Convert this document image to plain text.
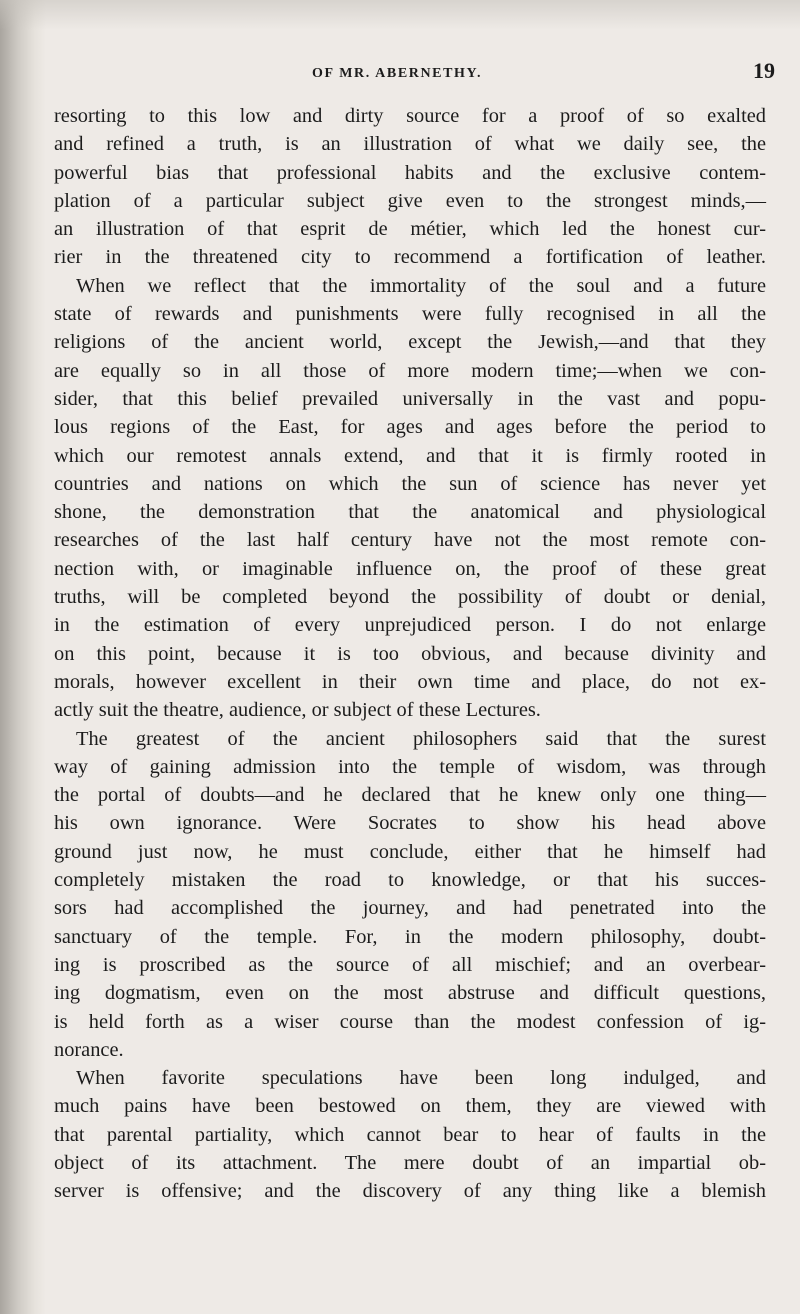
OF MR. ABERNETHY.	19
resorting to this low and dirty source for a proof of so exalted
and refined a truth, is an illustration of what we daily see, the
powerful bias that professional habits and the exclusive contem-
plation of a particular subject give even to the strongest minds,—
an illustration of that esprit de métier, which led the honest cur-
rier in the threatened city to recommend a fortification of leather.
When we reflect that the immortality of the soul and a future
state of rewards and punishments were fully recognised in all the
religions of the ancient world, except the Jewish,—and that they
are equally so in all those of more modern time;—when we con-
sider, that this belief prevailed universally in the vast and popu-
lous regions of the East, for ages and ages before the period to
which our remotest annals extend, and that it is firmly rooted in
countries and nations on which the sun of science has never yet
shone, the demonstration that the anatomical and physiological
researches of the last half century have not the most remote con-
nection with, or imaginable influence on, the proof of these great
truths, will be completed beyond the possibility of doubt or denial,
in the estimation of every unprejudiced person. I do not enlarge
on this point, because it is too obvious, and because divinity and
morals, however excellent in their own time and place, do not ex-
actly suit the theatre, audience, or subject of these Lectures.
The greatest of the ancient philosophers said that the surest
way of gaining admission into the temple of wisdom, was through
the portal of doubts—and he declared that he knew only one thing—
his own ignorance. Were Socrates to show his head above
ground just now, he must conclude, either that he himself had
completely mistaken the road to knowledge, or that his succes-
sors had accomplished the journey, and had penetrated into the
sanctuary of the temple. For, in the modern philosophy, doubt-
ing is proscribed as the source of all mischief; and an overbear-
ing dogmatism, even on the most abstruse and difficult questions,
is held forth as a wiser course than the modest confession of ig-
norance.
When favorite speculations have been long indulged, and
much pains have been bestowed on them, they are viewed with
that parental partiality, which cannot bear to hear of faults in the
object of its attachment. The mere doubt of an impartial ob-
server is offensive; and the discovery of any thing like a blemish
